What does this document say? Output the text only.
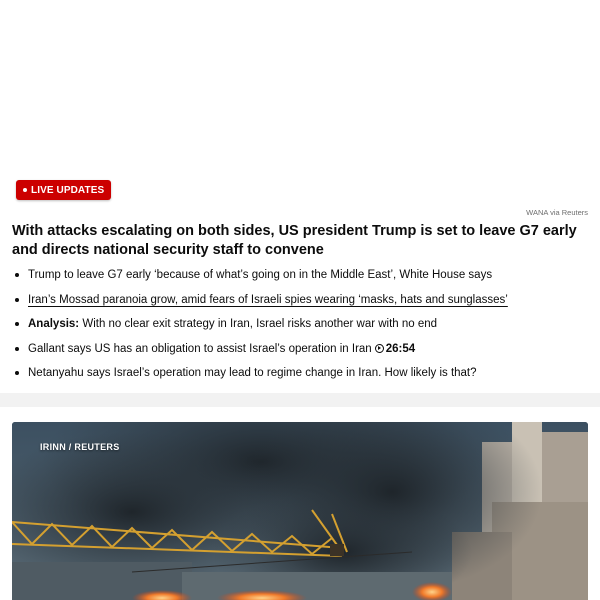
LIVE UPDATES
WANA via Reuters
With attacks escalating on both sides, US president Trump is set to leave G7 early and directs national security staff to convene
Trump to leave G7 early ‘because of what’s going on in the Middle East’, White House says
Iran’s Mossad paranoia grow, amid fears of Israeli spies wearing ‘masks, hats and sunglasses’
Analysis: With no clear exit strategy in Iran, Israel risks another war with no end
Gallant says US has an obligation to assist Israel’s operation in Iran 26:54
Netanyahu says Israel’s operation may lead to regime change in Iran. How likely is that?
IRINN / REUTERS
